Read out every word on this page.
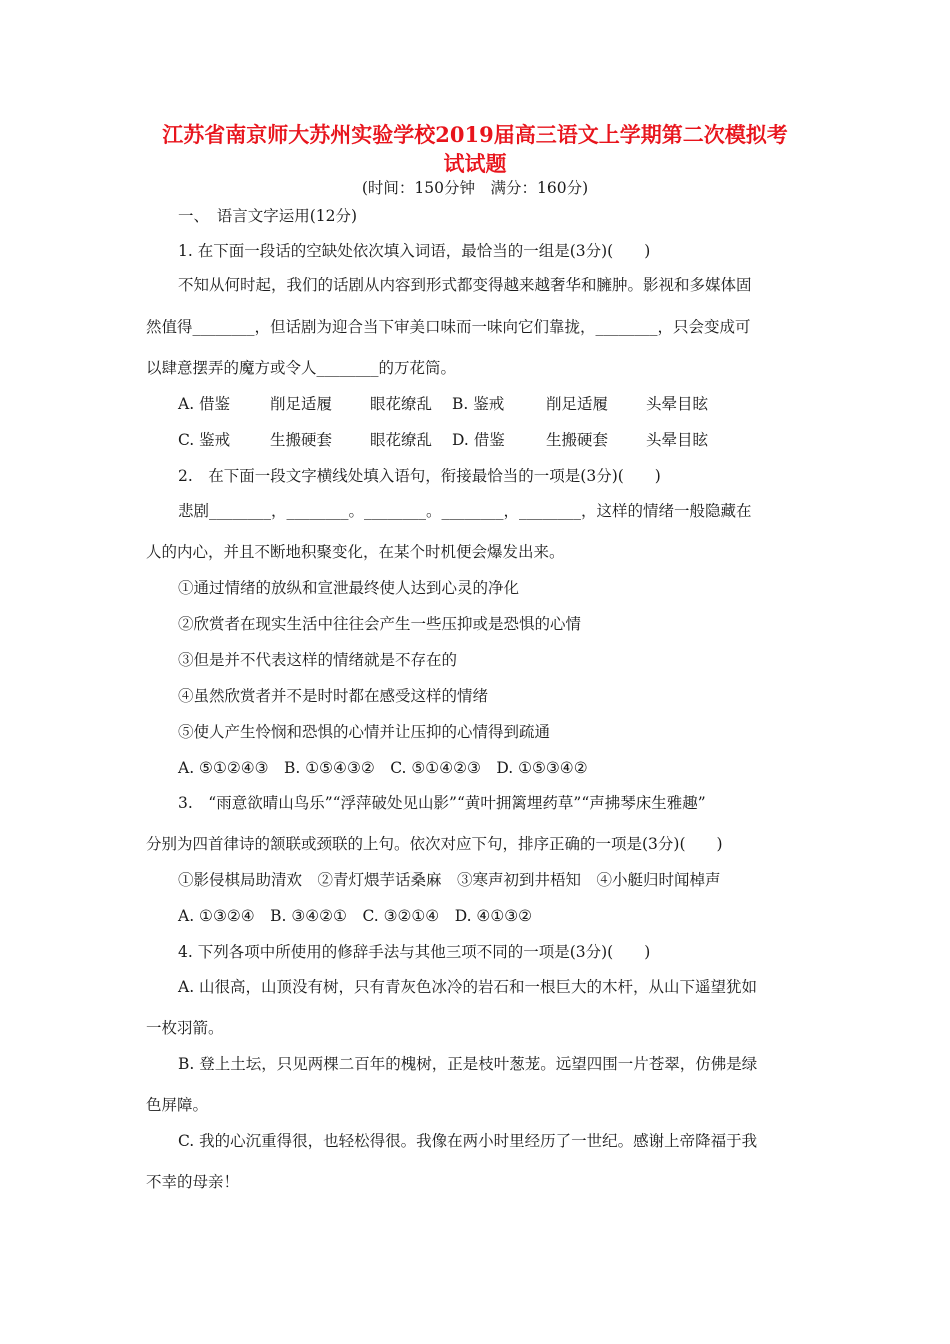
江苏省南京师大苏州实验学校2019届高三语文上学期第二次模拟考
试试题
(时间：150分钟　满分：160分)
一、　语言文字运用(12分)
1. 在下面一段话的空缺处依次填入词语，最恰当的一组是(3分)(　　)
不知从何时起，我们的话剧从内容到形式都变得越来越奢华和臃肿。影视和多媒体固
然值得________，但话剧为迎合当下审美口味而一味向它们靠拢，________，只会变成可
以肆意摆弄的魔方或令人________的万花筒。
A. 借鉴	削足适履 眼花缭乱 B. 鉴戒	削足适履 头晕目眩
C. 鉴戒	生搬硬套 眼花缭乱 D. 借鉴	生搬硬套 头晕目眩
2.　在下面一段文字横线处填入语句，衔接最恰当的一项是(3分)(　　)
悲剧________，________。________。________，________，这样的情绪一般隐藏在
人的内心，并且不断地积聚变化，在某个时机便会爆发出来。
①通过情绪的放纵和宣泄最终使人达到心灵的净化
②欣赏者在现实生活中往往会产生一些压抑或是恐惧的心情
③但是并不代表这样的情绪就是不存在的
④虽然欣赏者并不是时时都在感受这样的情绪
⑤使人产生怜悯和恐惧的心情并让压抑的心情得到疏通
A. ⑤①②④③　B. ①⑤④③②　C. ⑤①④②③　D. ①⑤③④②
3.　“雨意欲晴山鸟乐”“浮萍破处见山影”“黄叶拥篱埋药草”“声拂琴床生雅趣”
分别为四首律诗的颔联或颈联的上句。依次对应下句，排序正确的一项是(3分)(　　)
①影侵棋局助清欢　②青灯煨芋话桑麻　③寒声初到井梧知　④小艇归时闻棹声
A. ①③②④　B. ③④②①　C. ③②①④　D. ④①③②
4. 下列各项中所使用的修辞手法与其他三项不同的一项是(3分)(　　)
A. 山很高，山顶没有树，只有青灰色冰冷的岩石和一根巨大的木杆，从山下遥望犹如
一枚羽箭。
B. 登上土坛，只见两棵二百年的槐树，正是枝叶葱茏。远望四围一片苍翠，仿佛是绿
色屏障。
C. 我的心沉重得很，也轻松得很。我像在两小时里经历了一世纪。感谢上帝降福于我
不幸的母亲！
